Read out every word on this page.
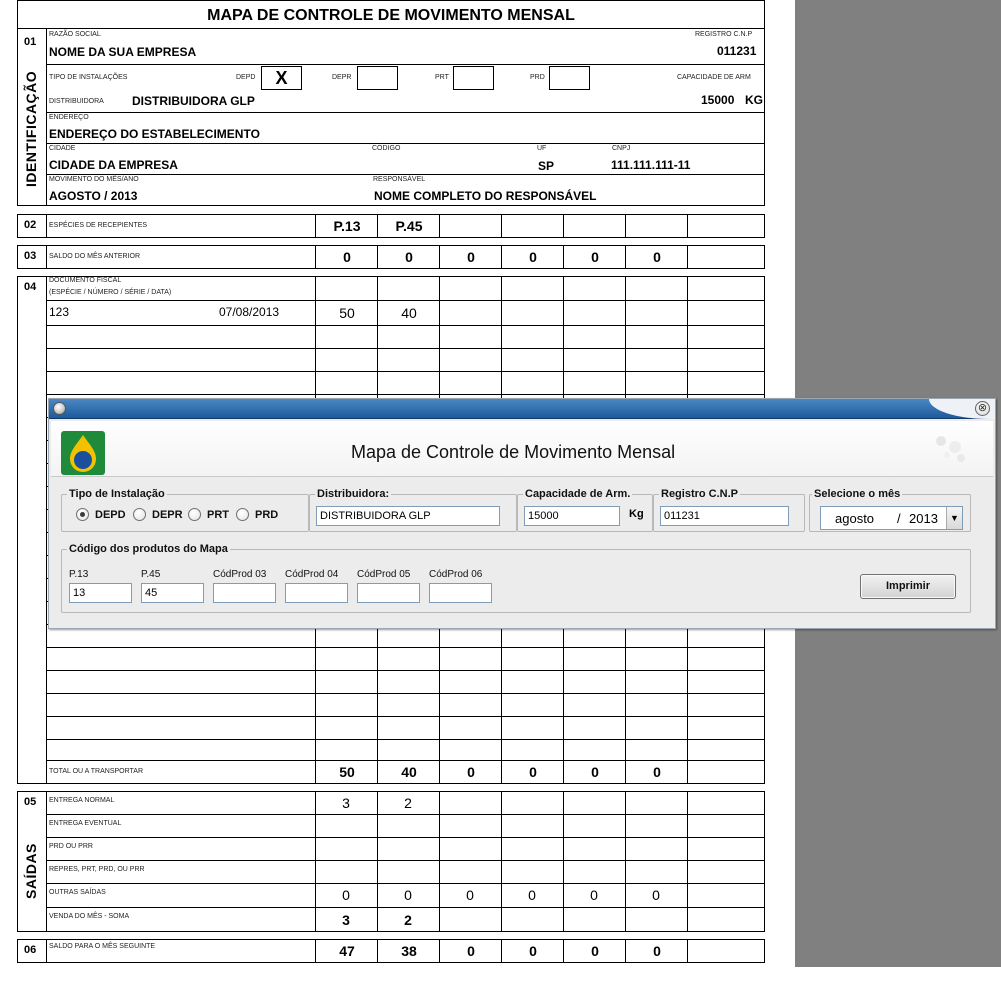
MAPA DE CONTROLE DE MOVIMENTO MENSAL
01
IDENTIFICAÇÃO
RAZÃO SOCIAL
NOME DA SUA EMPRESA
REGISTRO C.N.P
011231
TIPO DE INSTALAÇÕES	DEPD	X	DEPR	PRT	PRD	CAPACIDADE DE ARM
15000 KG
DISTRIBUIDORA DISTRIBUIDORA GLP
ENDEREÇO
ENDEREÇO DO ESTABELECIMENTO
CIDADE
CIDADE DA EMPRESA
CÓDIGO	UF
SP
CNPJ
111.111.111-11
MOVIMENTO DO MÊS/ANO
AGOSTO / 2013
RESPONSÁVEL
NOME COMPLETO DO RESPONSÁVEL
02 ESPÉCIES DE RECEPIENTES	P.13	P.45
03 SALDO DO MÊS ANTERIOR	0	0	0	0	0	0
04
DOCUMENTO FISCAL
(ESPÉCIE / NÚMERO / SÉRIE / DATA)
123	07/08/2013	50	40
TOTAL OU A TRANSPORTAR	50	40	0	0	0	0
05
SAÍDAS
ENTREGA NORMAL	3	2
ENTREGA EVENTUAL
PRD OU PRR
REPRES, PRT, PRD, OU PRR
OUTRAS SAÍDAS	0	0	0	0	0	0
VENDA DO MÊS - SOMA	3	2
06 SALDO PARA O MÊS SEGUINTE	47	38	0	0	0	0
⊗
Mapa de Controle de Movimento Mensal
Tipo de Instalação	Distribuidora:
DISTRIBUIDORA GLP
Capacidade de Arm.
15000	Kg
Registro C.N.P
011231
Selecione o mês
agosto / 2013	▼
Código dos produtos do Mapa
Imprimir
DEPD DEPR PRT PRD
P.13
13
P.45
45
CódProd 03 CódProd 04 CódProd 05 CódProd 06
